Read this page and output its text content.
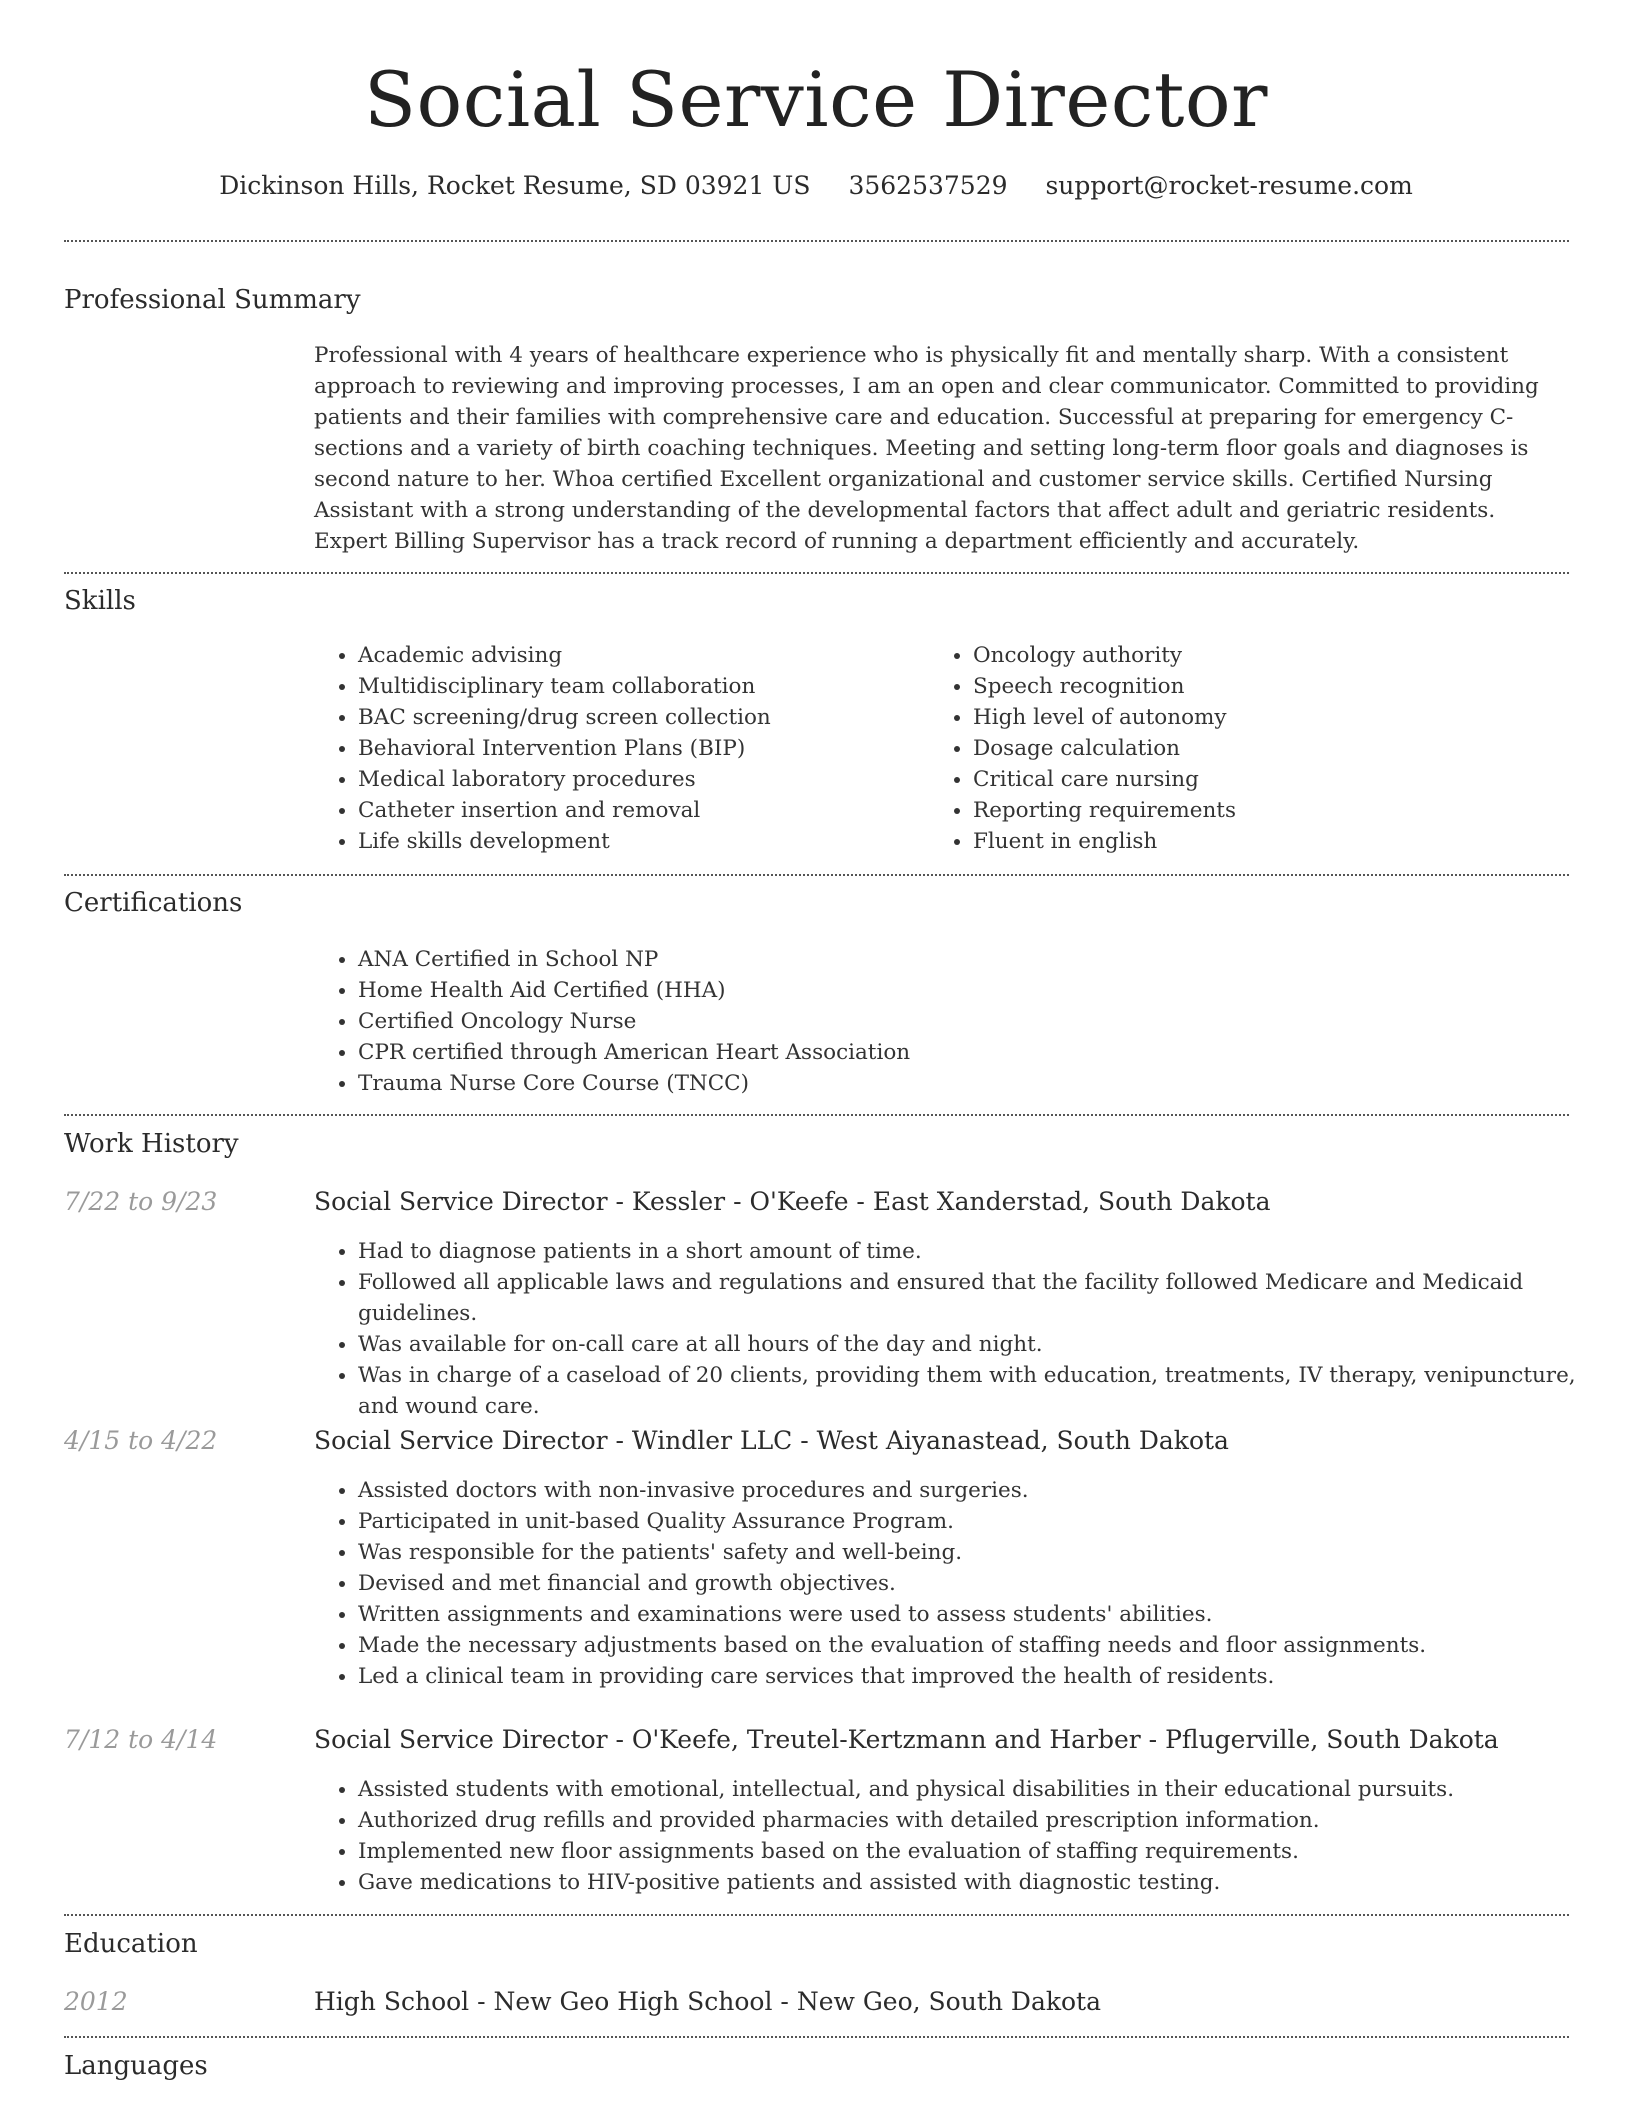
Social Service Director
Dickinson Hills, Rocket Resume, SD 03921 US 3562537529 support@rocket-resume.com
Professional Summary

Professional with 4 years of healthcare experience who is physically fit and mentally sharp. With a consistent approach to reviewing and improving processes, I am an open and clear communicator. Committed to providing patients and their families with comprehensive care and education. Successful at preparing for emergency C-sections and a variety of birth coaching techniques. Meeting and setting long-term floor goals and diagnoses is second nature to her. Whoa certified Excellent organizational and customer service skills. Certified Nursing Assistant with a strong understanding of the developmental factors that affect adult and geriatric residents. Expert Billing Supervisor has a track record of running a department efficiently and accurately.

Skills
• Academic advising
• Multidisciplinary team collaboration
• BAC screening/drug screen collection
• Behavioral Intervention Plans (BIP)
• Medical laboratory procedures
• Catheter insertion and removal
• Life skills development
• Oncology authority
• Speech recognition
• High level of autonomy
• Dosage calculation
• Critical care nursing
• Reporting requirements
• Fluent in english
Certifications
• ANA Certified in School NP
• Home Health Aid Certified (HHA)
• Certified Oncology Nurse
• CPR certified through American Heart Association
• Trauma Nurse Core Course (TNCC)
Work History
7/22 to 9/23	Social Service Director - Kessler - O'Keefe - East Xanderstad, South Dakota
• Had to diagnose patients in a short amount of time.
• Followed all applicable laws and regulations and ensured that the facility followed Medicare and Medicaid guidelines.
• Was available for on-call care at all hours of the day and night.
• Was in charge of a caseload of 20 clients, providing them with education, treatments, IV therapy, venipuncture, and wound care.
4/15 to 4/22	Social Service Director - Windler LLC - West Aiyanastead, South Dakota
• Assisted doctors with non-invasive procedures and surgeries.
• Participated in unit-based Quality Assurance Program.
• Was responsible for the patients' safety and well-being.
• Devised and met financial and growth objectives.
• Written assignments and examinations were used to assess students' abilities.
• Made the necessary adjustments based on the evaluation of staffing needs and floor assignments.
• Led a clinical team in providing care services that improved the health of residents.
7/12 to 4/14	Social Service Director - O'Keefe, Treutel-Kertzmann and Harber - Pflugerville, South Dakota
• Assisted students with emotional, intellectual, and physical disabilities in their educational pursuits.
• Authorized drug refills and provided pharmacies with detailed prescription information.
• Implemented new floor assignments based on the evaluation of staffing requirements.
• Gave medications to HIV-positive patients and assisted with diagnostic testing.
Education
2012	High School - New Geo High School - New Geo, South Dakota
Languages
